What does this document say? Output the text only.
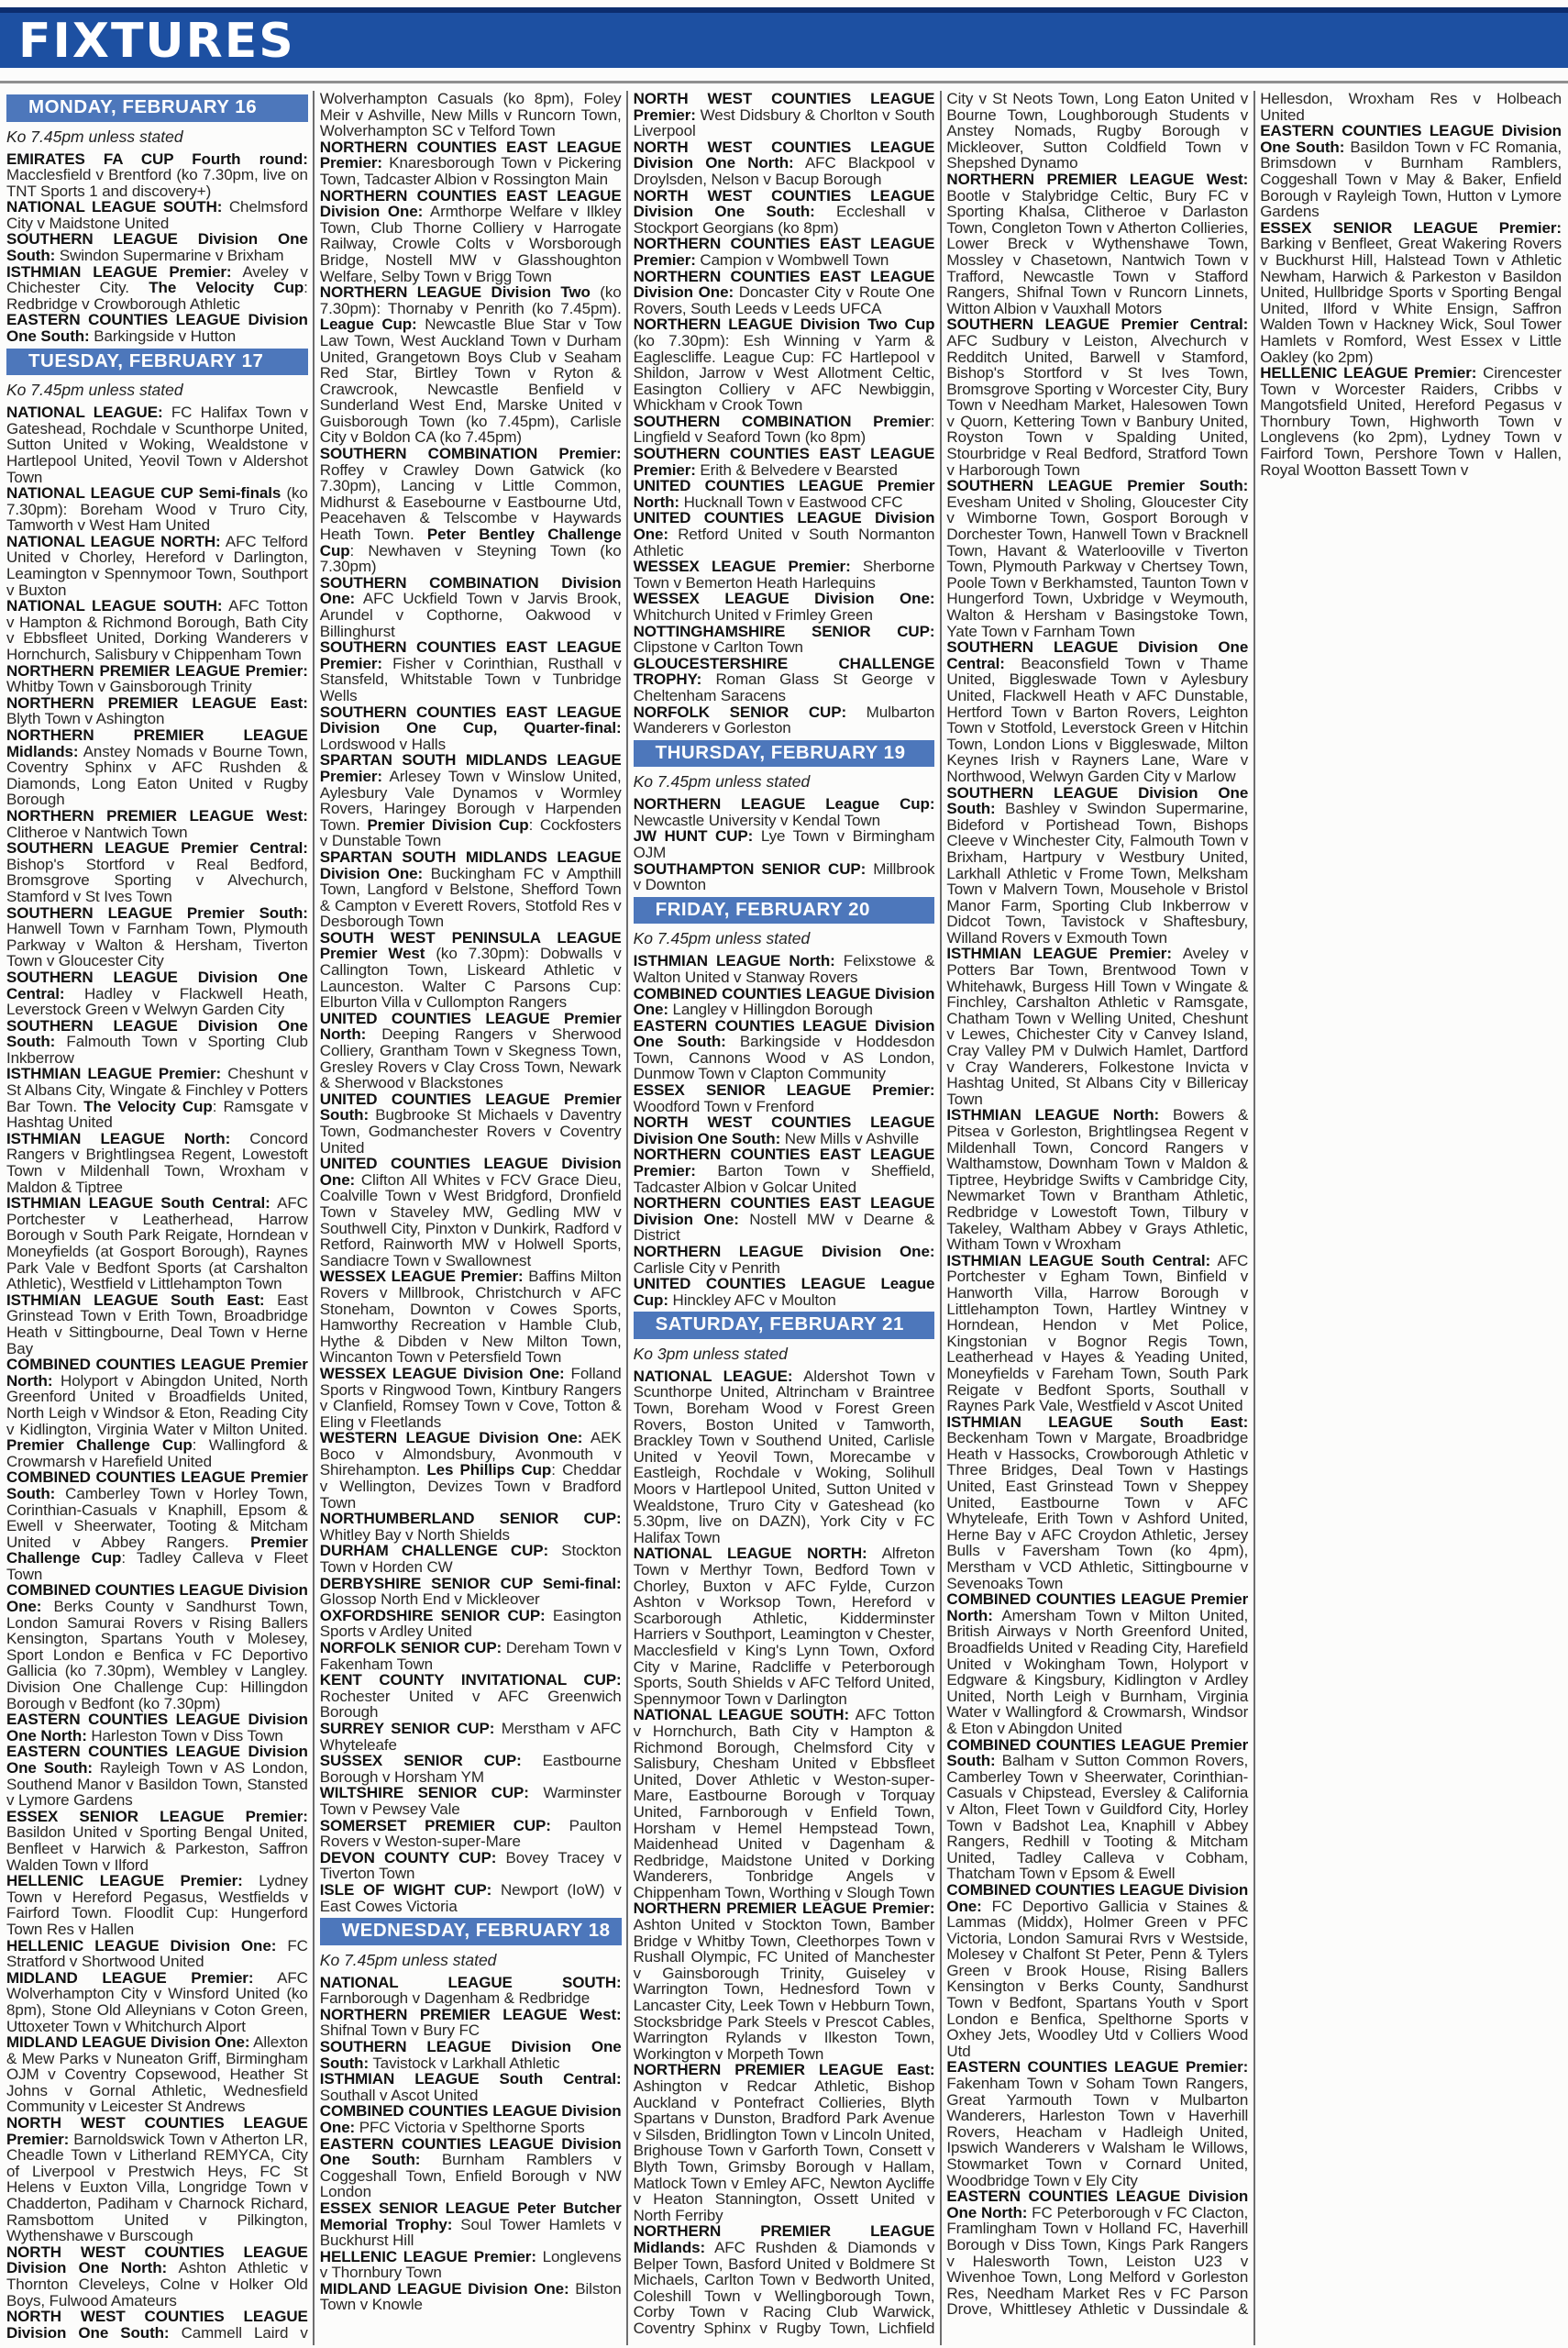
FIXTURES
MONDAY, FEBRUARY 16
Ko 7.45pm unless stated

EMIRATES FA CUP Fourth round: Macclesfield v Brentford (ko 7.30pm, live on TNT Sports 1 and discovery+)

NATIONAL LEAGUE SOUTH: Chelmsford City v Maidstone United

SOUTHERN LEAGUE Division One South: Swindon Supermarine v Brixham

ISTHMIAN LEAGUE Premier: Aveley v Chichester City. The Velocity Cup: Redbridge v Crowborough Athletic

EASTERN COUNTIES LEAGUE Division One South: Barkingside v Hutton

TUESDAY, FEBRUARY 17
Ko 7.45pm unless stated

NATIONAL LEAGUE: FC Halifax Town v Gateshead, Rochdale v Scunthorpe United, Sutton United v Woking, Wealdstone v Hartlepool United, Yeovil Town v Aldershot Town

NATIONAL LEAGUE CUP Semi-finals (ko 7.30pm): Boreham Wood v Truro City, Tamworth v West Ham United

NATIONAL LEAGUE NORTH: AFC Telford United v Chorley, Hereford v Darlington, Leamington v Spennymoor Town, Southport v Buxton

NATIONAL LEAGUE SOUTH: AFC Totton v Hampton & Richmond Borough, Bath City v Ebbsfleet United, Dorking Wanderers v Hornchurch, Salisbury v Chippenham Town

NORTHERN PREMIER LEAGUE Premier: Whitby Town v Gainsborough Trinity

NORTHERN PREMIER LEAGUE East: Blyth Town v Ashington

NORTHERN PREMIER LEAGUE Midlands: Anstey Nomads v Bourne Town, Coventry Sphinx v AFC Rushden & Diamonds, Long Eaton United v Rugby Borough

NORTHERN PREMIER LEAGUE West: Clitheroe v Nantwich Town

SOUTHERN LEAGUE Premier Central: Bishop's Stortford v Real Bedford, Bromsgrove Sporting v Alvechurch, Stamford v St Ives Town

SOUTHERN LEAGUE Premier South: Hanwell Town v Farnham Town, Plymouth Parkway v Walton & Hersham, Tiverton Town v Gloucester City

SOUTHERN LEAGUE Division One Central: Hadley v Flackwell Heath, Leverstock Green v Welwyn Garden City

SOUTHERN LEAGUE Division One South: Falmouth Town v Sporting Club Inkberrow

ISTHMIAN LEAGUE Premier: Cheshunt v St Albans City, Wingate & Finchley v Potters Bar Town. The Velocity Cup: Ramsgate v Hashtag United

ISTHMIAN LEAGUE North: Concord Rangers v Brightlingsea Regent, Lowestoft Town v Mildenhall Town, Wroxham v Maldon & Tiptree

ISTHMIAN LEAGUE South Central: AFC Portchester v Leatherhead, Harrow Borough v South Park Reigate, Horndean v Moneyfields (at Gosport Borough), Raynes Park Vale v Bedfont Sports (at Carshalton Athletic), Westfield v Littlehampton Town

ISTHMIAN LEAGUE South East: East Grinstead Town v Erith Town, Broadbridge Heath v Sittingbourne, Deal Town v Herne Bay

COMBINED COUNTIES LEAGUE Premier North: Holyport v Abingdon United, North Greenford United v Broadfields United, North Leigh v Windsor & Eton, Reading City v Kidlington, Virginia Water v Milton United. Premier Challenge Cup: Wallingford & Crowmarsh v Harefield United

COMBINED COUNTIES LEAGUE Premier South: Camberley Town v Horley Town, Corinthian-Casuals v Knaphill, Epsom & Ewell v Sheerwater, Tooting & Mitcham United v Abbey Rangers. Premier Challenge Cup: Tadley Calleva v Fleet Town

COMBINED COUNTIES LEAGUE Division One: Berks County v Sandhurst Town, London Samurai Rovers v Rising Ballers Kensington, Spartans Youth v Molesey, Sport London e Benfica v FC Deportivo Gallicia (ko 7.30pm), Wembley v Langley. Division One Challenge Cup: Hillingdon Borough v Bedfont (ko 7.30pm)

EASTERN COUNTIES LEAGUE Division One North: Harleston Town v Diss Town

EASTERN COUNTIES LEAGUE Division One South: Rayleigh Town v AS London, Southend Manor v Basildon Town, Stansted v Lymore Gardens

ESSEX SENIOR LEAGUE Premier: Basildon United v Sporting Bengal United, Benfleet v Harwich & Parkeston, Saffron Walden Town v Ilford

HELLENIC LEAGUE Premier: Lydney Town v Hereford Pegasus, Westfields v Fairford Town. Floodlit Cup: Hungerford Town Res v Hallen

HELLENIC LEAGUE Division One: FC Stratford v Shortwood United

MIDLAND LEAGUE Premier: AFC Wolverhampton City v Winsford United (ko 8pm), Stone Old Alleynians v Coton Green, Uttoxeter Town v Whitchurch Alport

MIDLAND LEAGUE Division One: Allexton & Mew Parks v Nuneaton Griff, Birmingham OJM v Coventry Copsewood, Heather St Johns v Gornal Athletic, Wednesfield Community v Leicester St Andrews

NORTH WEST COUNTIES LEAGUE Premier: Barnoldswick Town v Atherton LR, Cheadle Town v Litherland REMYCA, City of Liverpool v Prestwich Heys, FC St Helens v Euxton Villa, Longridge Town v Chadderton, Padiham v Charnock Richard, Ramsbottom United v Pilkington, Wythenshawe v Burscough

NORTH WEST COUNTIES LEAGUE Division One North: Ashton Athletic v Thornton Cleveleys, Colne v Holker Old Boys, Fulwood Amateurs

NORTH WEST COUNTIES LEAGUE Division One South: Cammell Laird v Wolverhampton Casuals (ko 8pm), Foley Meir v Ashville, New Mills v Runcorn Town, Wolverhampton SC v Telford Town

NORTHERN COUNTIES EAST LEAGUE Premier: Knaresborough Town v Pickering Town, Tadcaster Albion v Rossington Main

NORTHERN COUNTIES EAST LEAGUE Division One: Armthorpe Welfare v Ilkley Town, Club Thorne Colliery v Harrogate Railway, Crowle Colts v Worsborough Bridge, Nostell MW v Glasshoughton Welfare, Selby Town v Brigg Town

NORTHERN LEAGUE Division Two (ko 7.30pm): Thornaby v Penrith (ko 7.45pm). League Cup: Newcastle Blue Star v Tow Law Town, West Auckland Town v Durham United, Grangetown Boys Club v Seaham Red Star, Birtley Town v Ryton & Crawcrook, Newcastle Benfield v Sunderland West End, Marske United v Guisborough Town (ko 7.45pm), Carlisle City v Boldon CA (ko 7.45pm)

SOUTHERN COMBINATION Premier: Roffey v Crawley Down Gatwick (ko 7.30pm), Lancing v Little Common, Midhurst & Easebourne v Eastbourne Utd, Peacehaven & Telscombe v Haywards Heath Town. Peter Bentley Challenge Cup: Newhaven v Steyning Town (ko 7.30pm)

SOUTHERN COMBINATION Division One: AFC Uckfield Town v Jarvis Brook, Arundel v Copthorne, Oakwood v Billinghurst

SOUTHERN COUNTIES EAST LEAGUE Premier: Fisher v Corinthian, Rusthall v Stansfeld, Whitstable Town v Tunbridge Wells

SOUTHERN COUNTIES EAST LEAGUE Division One Cup, Quarter-final: Lordswood v Halls

SPARTAN SOUTH MIDLANDS LEAGUE Premier: Arlesey Town v Winslow United, Aylesbury Vale Dynamos v Wormley Rovers, Haringey Borough v Harpenden Town. Premier Division Cup: Cockfosters v Dunstable Town

SPARTAN SOUTH MIDLANDS LEAGUE Division One: Buckingham FC v Ampthill Town, Langford v Belstone, Shefford Town & Campton v Everett Rovers, Stotfold Res v Desborough Town

SOUTH WEST PENINSULA LEAGUE Premier West (ko 7.30pm): Dobwalls v Callington Town, Liskeard Athletic v Launceston. Walter C Parsons Cup: Elburton Villa v Cullompton Rangers

UNITED COUNTIES LEAGUE Premier North: Deeping Rangers v Sherwood Colliery, Grantham Town v Skegness Town, Gresley Rovers v Clay Cross Town, Newark & Sherwood v Blackstones

UNITED COUNTIES LEAGUE Premier South: Bugbrooke St Michaels v Daventry Town, Godmanchester Rovers v Coventry United

UNITED COUNTIES LEAGUE Division One: Clifton All Whites v FCV Grace Dieu, Coalville Town v West Bridgford, Dronfield Town v Staveley MW, Gedling MW v Southwell City, Pinxton v Dunkirk, Radford v Retford, Rainworth MW v Holwell Sports, Sandiacre Town v Swallownest

WESSEX LEAGUE Premier: Baffins Milton Rovers v Millbrook, Christchurch v AFC Stoneham, Downton v Cowes Sports, Hamworthy Recreation v Hamble Club, Hythe & Dibden v New Milton Town, Wincanton Town v Petersfield Town

WESSEX LEAGUE Division One: Folland Sports v Ringwood Town, Kintbury Rangers v Clanfield, Romsey Town v Cove, Totton & Eling v Fleetlands

WESTERN LEAGUE Division One: AEK Boco v Almondsbury, Avonmouth v Shirehampton. Les Phillips Cup: Cheddar v Wellington, Devizes Town v Bradford Town

NORTHUMBERLAND SENIOR CUP: Whitley Bay v North Shields

DURHAM CHALLENGE CUP: Stockton Town v Horden CW

DERBYSHIRE SENIOR CUP Semi-final: Glossop North End v Mickleover

OXFORDSHIRE SENIOR CUP: Easington Sports v Ardley United

NORFOLK SENIOR CUP: Dereham Town v Fakenham Town

KENT COUNTY INVITATIONAL CUP: Rochester United v AFC Greenwich Borough

SURREY SENIOR CUP: Merstham v AFC Whyteleafe

SUSSEX SENIOR CUP: Eastbourne Borough v Horsham YM

WILTSHIRE SENIOR CUP: Warminster Town v Pewsey Vale

SOMERSET PREMIER CUP: Paulton Rovers v Weston-super-Mare

DEVON COUNTY CUP: Bovey Tracey v Tiverton Town

ISLE OF WIGHT CUP: Newport (IoW) v East Cowes Victoria

WEDNESDAY, FEBRUARY 18
Ko 7.45pm unless stated

NATIONAL LEAGUE SOUTH: Farnborough v Dagenham & Redbridge

NORTHERN PREMIER LEAGUE West: Shifnal Town v Bury FC

SOUTHERN LEAGUE Division One South: Tavistock v Larkhall Athletic

ISTHMIAN LEAGUE South Central: Southall v Ascot United

COMBINED COUNTIES LEAGUE Division One: PFC Victoria v Spelthorne Sports

EASTERN COUNTIES LEAGUE Division One South: Burnham Ramblers v Coggeshall Town, Enfield Borough v NW London

ESSEX SENIOR LEAGUE Peter Butcher Memorial Trophy: Soul Tower Hamlets v Buckhurst Hill

HELLENIC LEAGUE Premier: Longlevens v Thornbury Town

MIDLAND LEAGUE Division One: Bilston Town v Knowle

NORTH WEST COUNTIES LEAGUE Premier: West Didsbury & Chorlton v South Liverpool

NORTH WEST COUNTIES LEAGUE Division One North: AFC Blackpool v Droylsden, Nelson v Bacup Borough

NORTH WEST COUNTIES LEAGUE Division One South: Eccleshall v Stockport Georgians (ko 8pm)

NORTHERN COUNTIES EAST LEAGUE Premier: Campion v Wombwell Town

NORTHERN COUNTIES EAST LEAGUE Division One: Doncaster City v Route One Rovers, South Leeds v Leeds UFCA

NORTHERN LEAGUE Division Two Cup (ko 7.30pm): Esh Winning v Yarm & Eaglescliffe. League Cup: FC Hartlepool v Shildon, Jarrow v West Allotment Celtic, Easington Colliery v AFC Newbiggin, Whickham v Crook Town

SOUTHERN COMBINATION Premier: Lingfield v Seaford Town (ko 8pm)

SOUTHERN COUNTIES EAST LEAGUE Premier: Erith & Belvedere v Bearsted

UNITED COUNTIES LEAGUE Premier North: Hucknall Town v Eastwood CFC

UNITED COUNTIES LEAGUE Division One: Retford United v South Normanton Athletic

WESSEX LEAGUE Premier: Sherborne Town v Bemerton Heath Harlequins

WESSEX LEAGUE Division One: Whitchurch United v Frimley Green

NOTTINGHAMSHIRE SENIOR CUP: Clipstone v Carlton Town

GLOUCESTERSHIRE CHALLENGE TROPHY: Roman Glass St George v Cheltenham Saracens

NORFOLK SENIOR CUP: Mulbarton Wanderers v Gorleston

THURSDAY, FEBRUARY 19
Ko 7.45pm unless stated

NORTHERN LEAGUE League Cup: Newcastle University v Kendal Town

JW HUNT CUP: Lye Town v Birmingham OJM

SOUTHAMPTON SENIOR CUP: Millbrook v Downton

FRIDAY, FEBRUARY 20
Ko 7.45pm unless stated

ISTHMIAN LEAGUE North: Felixstowe & Walton United v Stanway Rovers

COMBINED COUNTIES LEAGUE Division One: Langley v Hillingdon Borough

EASTERN COUNTIES LEAGUE Division One South: Barkingside v Hoddesdon Town, Cannons Wood v AS London, Dunmow Town v Clapton Community

ESSEX SENIOR LEAGUE Premier: Woodford Town v Frenford

NORTH WEST COUNTIES LEAGUE Division One South: New Mills v Ashville

NORTHERN COUNTIES EAST LEAGUE Premier: Barton Town v Sheffield, Tadcaster Albion v Golcar United

NORTHERN COUNTIES EAST LEAGUE Division One: Nostell MW v Dearne & District

NORTHERN LEAGUE Division One: Carlisle City v Penrith

UNITED COUNTIES LEAGUE League Cup: Hinckley AFC v Moulton

SATURDAY, FEBRUARY 21
Ko 3pm unless stated

NATIONAL LEAGUE: Aldershot Town v Scunthorpe United, Altrincham v Braintree Town, Boreham Wood v Forest Green Rovers, Boston United v Tamworth, Brackley Town v Southend United, Carlisle United v Yeovil Town, Morecambe v Eastleigh, Rochdale v Woking, Solihull Moors v Hartlepool United, Sutton United v Wealdstone, Truro City v Gateshead (ko 5.30pm, live on DAZN), York City v FC Halifax Town

NATIONAL LEAGUE NORTH: Alfreton Town v Merthyr Town, Bedford Town v Chorley, Buxton v AFC Fylde, Curzon Ashton v Worksop Town, Hereford v Scarborough Athletic, Kidderminster Harriers v Southport, Leamington v Chester, Macclesfield v King's Lynn Town, Oxford City v Marine, Radcliffe v Peterborough Sports, South Shields v AFC Telford United, Spennymoor Town v Darlington

NATIONAL LEAGUE SOUTH: AFC Totton v Hornchurch, Bath City v Hampton & Richmond Borough, Chelmsford City v Salisbury, Chesham United v Ebbsfleet United, Dover Athletic v Weston-super-Mare, Eastbourne Borough v Torquay United, Farnborough v Enfield Town, Horsham v Hemel Hempstead Town, Maidenhead United v Dagenham & Redbridge, Maidstone United v Dorking Wanderers, Tonbridge Angels v Chippenham Town, Worthing v Slough Town

NORTHERN PREMIER LEAGUE Premier: Ashton United v Stockton Town, Bamber Bridge v Whitby Town, Cleethorpes Town v Rushall Olympic, FC United of Manchester v Gainsborough Trinity, Guiseley v Warrington Town, Hednesford Town v Lancaster City, Leek Town v Hebburn Town, Stocksbridge Park Steels v Prescot Cables, Warrington Rylands v Ilkeston Town, Workington v Morpeth Town

NORTHERN PREMIER LEAGUE East: Ashington v Redcar Athletic, Bishop Auckland v Pontefract Collieries, Blyth Spartans v Dunston, Bradford Park Avenue v Silsden, Bridlington Town v Lincoln United, Brighouse Town v Garforth Town, Consett v Blyth Town, Grimsby Borough v Hallam, Matlock Town v Emley AFC, Newton Aycliffe v Heaton Stannington, Ossett United v North Ferriby

NORTHERN PREMIER LEAGUE Midlands: AFC Rushden & Diamonds v Belper Town, Basford United v Boldmere St Michaels, Carlton Town v Bedworth United, Coleshill Town v Wellingborough Town, Corby Town v Racing Club Warwick, Coventry Sphinx v Rugby Town, Lichfield City v St Neots Town, Long Eaton United v Bourne Town, Loughborough Students v Anstey Nomads, Rugby Borough v Mickleover, Sutton Coldfield Town v Shepshed Dynamo

NORTHERN PREMIER LEAGUE West: Bootle v Stalybridge Celtic, Bury FC v Sporting Khalsa, Clitheroe v Darlaston Town, Congleton Town v Atherton Collieries, Lower Breck v Wythenshawe Town, Mossley v Chasetown, Nantwich Town v Trafford, Newcastle Town v Stafford Rangers, Shifnal Town v Runcorn Linnets, Witton Albion v Vauxhall Motors

SOUTHERN LEAGUE Premier Central: AFC Sudbury v Leiston, Alvechurch v Redditch United, Barwell v Stamford, Bishop's Stortford v St Ives Town, Bromsgrove Sporting v Worcester City, Bury Town v Needham Market, Halesowen Town v Quorn, Kettering Town v Banbury United, Royston Town v Spalding United, Stourbridge v Real Bedford, Stratford Town v Harborough Town

SOUTHERN LEAGUE Premier South: Evesham United v Sholing, Gloucester City v Wimborne Town, Gosport Borough v Dorchester Town, Hanwell Town v Bracknell Town, Havant & Waterlooville v Tiverton Town, Plymouth Parkway v Chertsey Town, Poole Town v Berkhamsted, Taunton Town v Hungerford Town, Uxbridge v Weymouth, Walton & Hersham v Basingstoke Town, Yate Town v Farnham Town

SOUTHERN LEAGUE Division One Central: Beaconsfield Town v Thame United, Biggleswade Town v Aylesbury United, Flackwell Heath v AFC Dunstable, Hertford Town v Barton Rovers, Leighton Town v Stotfold, Leverstock Green v Hitchin Town, London Lions v Biggleswade, Milton Keynes Irish v Rayners Lane, Ware v Northwood, Welwyn Garden City v Marlow

SOUTHERN LEAGUE Division One South: Bashley v Swindon Supermarine, Bideford v Portishead Town, Bishops Cleeve v Winchester City, Falmouth Town v Brixham, Hartpury v Westbury United, Larkhall Athletic v Frome Town, Melksham Town v Malvern Town, Mousehole v Bristol Manor Farm, Sporting Club Inkberrow v Didcot Town, Tavistock v Shaftesbury, Willand Rovers v Exmouth Town

ISTHMIAN LEAGUE Premier: Aveley v Potters Bar Town, Brentwood Town v Whitehawk, Burgess Hill Town v Wingate & Finchley, Carshalton Athletic v Ramsgate, Chatham Town v Welling United, Cheshunt v Lewes, Chichester City v Canvey Island, Cray Valley PM v Dulwich Hamlet, Dartford v Cray Wanderers, Folkestone Invicta v Hashtag United, St Albans City v Billericay Town

ISTHMIAN LEAGUE North: Bowers & Pitsea v Gorleston, Brightlingsea Regent v Mildenhall Town, Concord Rangers v Walthamstow, Downham Town v Maldon & Tiptree, Heybridge Swifts v Cambridge City, Newmarket Town v Brantham Athletic, Redbridge v Lowestoft Town, Tilbury v Takeley, Waltham Abbey v Grays Athletic, Witham Town v Wroxham

ISTHMIAN LEAGUE South Central: AFC Portchester v Egham Town, Binfield v Hanworth Villa, Harrow Borough v Littlehampton Town, Hartley Wintney v Horndean, Hendon v Met Police, Kingstonian v Bognor Regis Town, Leatherhead v Hayes & Yeading United, Moneyfields v Fareham Town, South Park Reigate v Bedfont Sports, Southall v Raynes Park Vale, Westfield v Ascot United

ISTHMIAN LEAGUE South East: Beckenham Town v Margate, Broadbridge Heath v Hassocks, Crowborough Athletic v Three Bridges, Deal Town v Hastings United, East Grinstead Town v Sheppey United, Eastbourne Town v AFC Whyteleafe, Erith Town v Ashford United, Herne Bay v AFC Croydon Athletic, Jersey Bulls v Faversham Town (ko 4pm), Merstham v VCD Athletic, Sittingbourne v Sevenoaks Town

COMBINED COUNTIES LEAGUE Premier North: Amersham Town v Milton United, British Airways v North Greenford United, Broadfields United v Reading City, Harefield United v Wokingham Town, Holyport v Edgware & Kingsbury, Kidlington v Ardley United, North Leigh v Burnham, Virginia Water v Wallingford & Crowmarsh, Windsor & Eton v Abingdon United

COMBINED COUNTIES LEAGUE Premier South: Balham v Sutton Common Rovers, Camberley Town v Sheerwater, Corinthian-Casuals v Chipstead, Eversley & California v Alton, Fleet Town v Guildford City, Horley Town v Badshot Lea, Knaphill v Abbey Rangers, Redhill v Tooting & Mitcham United, Tadley Calleva v Cobham, Thatcham Town v Epsom & Ewell

COMBINED COUNTIES LEAGUE Division One: FC Deportivo Gallicia v Staines & Lammas (Middx), Holmer Green v PFC Victoria, London Samurai Rvrs v Westside, Molesey v Chalfont St Peter, Penn & Tylers Green v Brook House, Rising Ballers Kensington v Berks County, Sandhurst Town v Bedfont, Spartans Youth v Sport London e Benfica, Spelthorne Sports v Oxhey Jets, Woodley Utd v Colliers Wood Utd

EASTERN COUNTIES LEAGUE Premier: Fakenham Town v Soham Town Rangers, Great Yarmouth Town v Mulbarton Wanderers, Harleston Town v Haverhill Rovers, Heacham v Hadleigh United, Ipswich Wanderers v Walsham le Willows, Stowmarket Town v Cornard United, Woodbridge Town v Ely City

EASTERN COUNTIES LEAGUE Division One North: FC Peterborough v FC Clacton, Framlingham Town v Holland FC, Haverhill Borough v Diss Town, Kings Park Rangers v Halesworth Town, Leiston U23 v Wivenhoe Town, Long Melford v Gorleston Res, Needham Market Res v FC Parson Drove, Whittlesey Athletic v Dussindale & Hellesdon, Wroxham Res v Holbeach United

EASTERN COUNTIES LEAGUE Division One South: Basildon Town v FC Romania, Brimsdown v Burnham Ramblers, Coggeshall Town v May & Baker, Enfield Borough v Rayleigh Town, Hutton v Lymore Gardens

ESSEX SENIOR LEAGUE Premier: Barking v Benfleet, Great Wakering Rovers v Buckhurst Hill, Halstead Town v Athletic Newham, Harwich & Parkeston v Basildon United, Hullbridge Sports v Sporting Bengal United, Ilford v White Ensign, Saffron Walden Town v Hackney Wick, Soul Tower Hamlets v Romford, West Essex v Little Oakley (ko 2pm)

HELLENIC LEAGUE Premier: Cirencester Town v Worcester Raiders, Cribbs v Mangotsfield United, Hereford Pegasus v Thornbury Town, Highworth Town v Longlevens (ko 2pm), Lydney Town v Fairford Town, Pershore Town v Hallen, Royal Wootton Bassett Town v
